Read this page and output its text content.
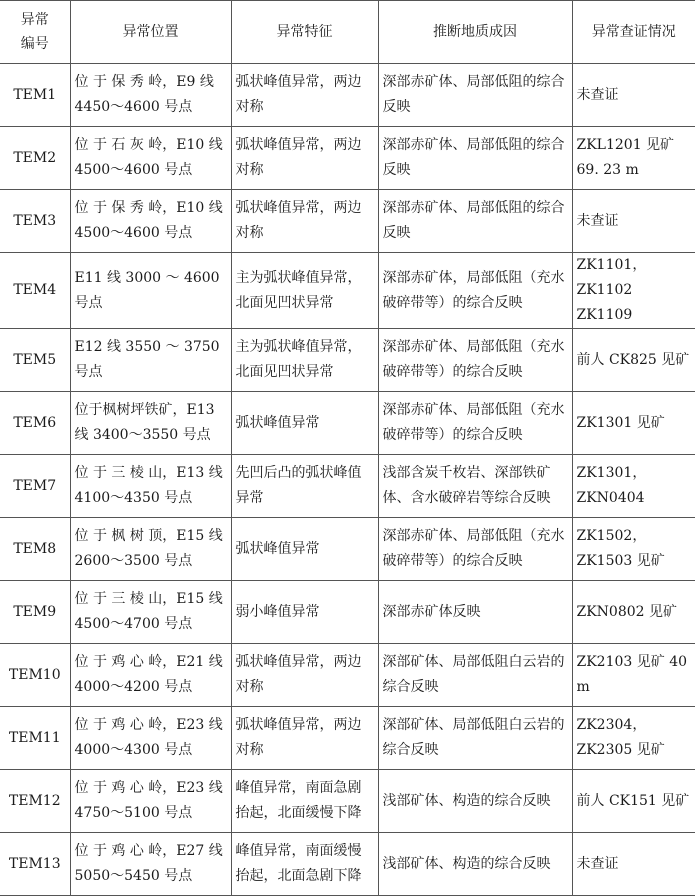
异常
编号	异常位置	异常特征	推断地质成因	异常查证情况
TEM1	位 于 保 秀 岭，E9 线 4450～4600 号点	弧状峰值异常，两边对称	深部赤矿体、局部低阻的综合反映	未查证
TEM2	位 于 石 灰 岭，E10 线 4500～4600 号点	弧状峰值异常，两边对称	深部赤矿体、局部低阻的综合反映	ZKL1201 见矿 69. 23 m
TEM3	位 于 保 秀 岭，E10 线 4500～4600 号点	弧状峰值异常，两边对称	深部赤矿体、局部低阻的综合反映	未查证
TEM4	E11 线 3000 ～ 4600 号点	主为弧状峰值异常，北面见凹状异常	深部赤矿体，局部低阻（充水破碎带等）的综合反映	ZK1101，ZK1102 ZK1109
TEM5	E12 线 3550 ～ 3750 号点	主为弧状峰值异常，北面见凹状异常	深部赤矿体、局部低阻（充水破碎带等）的综合反映	前人 CK825 见矿
TEM6	位于枫树坪铁矿，E13 线 3400～3550 号点	弧状峰值异常	深部赤矿体、局部低阻（充水破碎带等）的综合反映	ZK1301 见矿
TEM7	位 于 三 棱 山，E13 线 4100～4350 号点	先凹后凸的弧状峰值异常	浅部含炭千枚岩、深部铁矿体、含水破碎岩等综合反映	ZK1301， ZKN0404
TEM8	位 于 枫 树 顶，E15 线 2600～3500 号点	弧状峰值异常	深部赤矿体、局部低阻（充水破碎带等）的综合反映	ZK1502，ZK1503 见矿
TEM9	位 于 三 棱 山，E15 线 4500～4700 号点	弱小峰值异常	深部赤矿体反映	ZKN0802 见矿
TEM10	位 于 鸡 心 岭，E21 线 4000～4200 号点	弧状峰值异常，两边对称	深部矿体、局部低阻白云岩的综合反映	ZK2103 见矿 40 m
TEM11	位 于 鸡 心 岭，E23 线 4000～4300 号点	弧状峰值异常，两边对称	深部矿体、局部低阻白云岩的综合反映	ZK2304，ZK2305 见矿
TEM12	位 于 鸡 心 岭，E23 线 4750～5100 号点	峰值异常，南面急剧抬起，北面缓慢下降	浅部矿体、构造的综合反映	前人 CK151 见矿
TEM13	位 于 鸡 心 岭，E27 线 5050～5450 号点	峰值异常，南面缓慢抬起，北面急剧下降	浅部矿体、构造的综合反映	未查证
